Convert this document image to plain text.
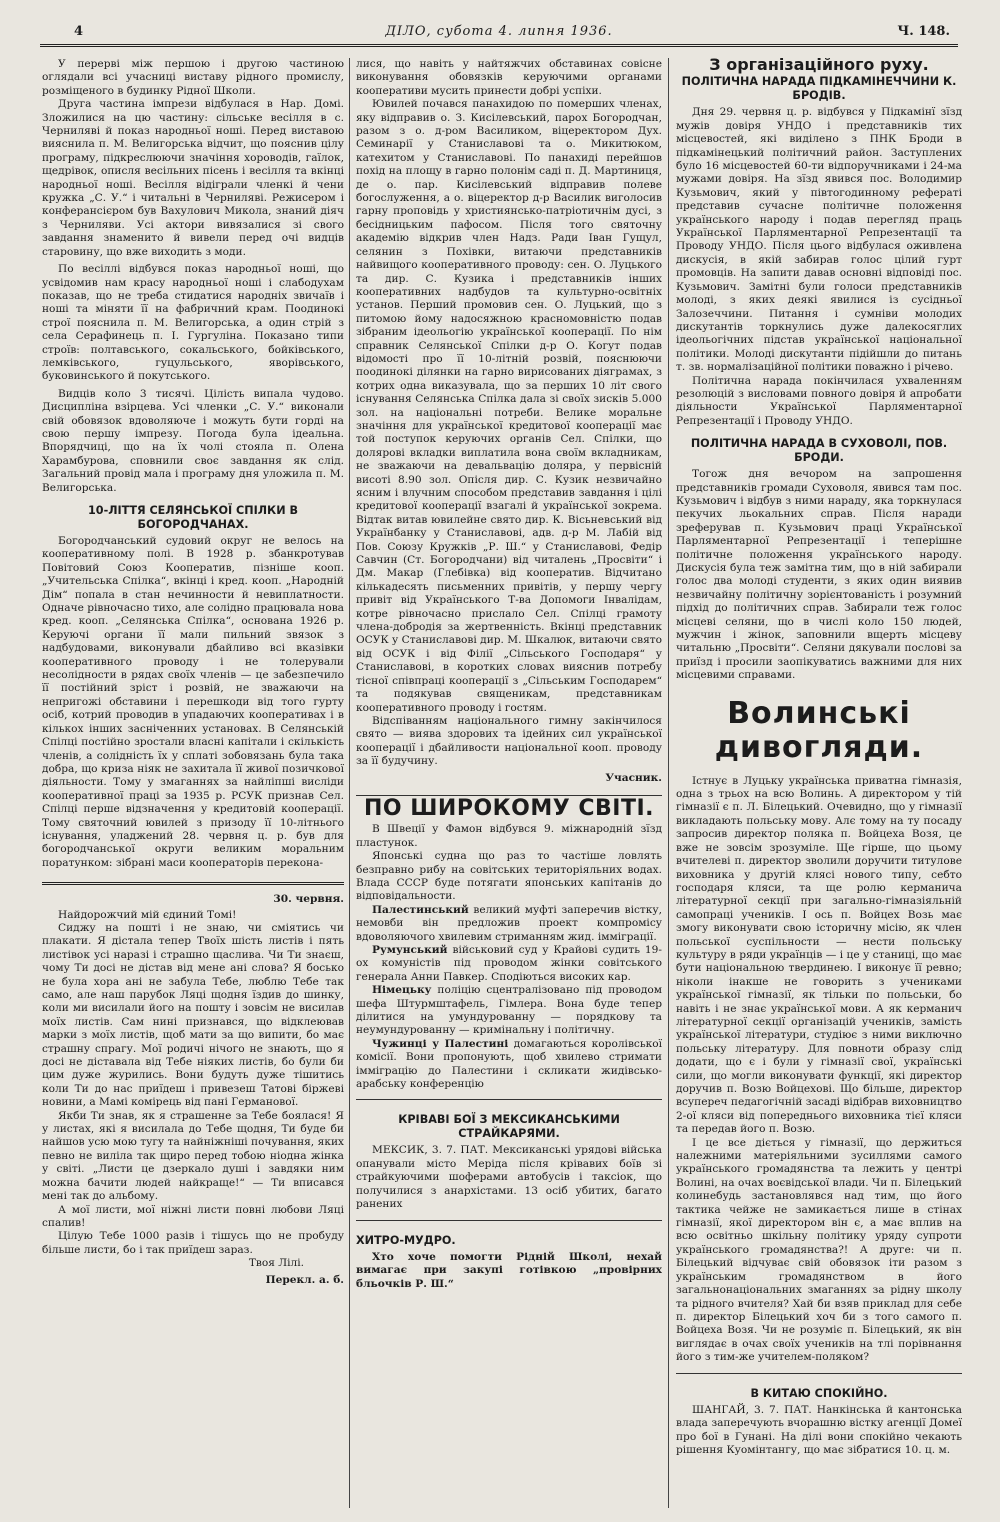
4	ДІЛО, субота 4. липня 1936.	Ч. 148.

У перерві між першою і другою частиною оглядали всі учасниці виставу рідного промислу, розміщеного в будинку Рідної Школи.

Друга частина імпрези відбулася в Нар. Домі. Зложилися на цю частину: сільське весілля в с. Черниляві й показ народньої ноші. Перед виставою вияснила п. М. Велигорська відчит, що пояснив цілу програму, підкреслюючи значіння хороводів, гаїлок, щедрівок, описля весільних пісень і весілля та вкінці народньої ноші. Весілля відіграли членкі й чени кружка „С. У.“ і читальні в Черниляві. Режисером і конферансієром був Вахулович Микола, знаний діяч з Черниляви. Усі актори вивязалися зі свого завдання знаменито й вивели перед очі видців старовину, що вже виходить з моди.

По весіллі відбувся показ народньої ноші, що усвідомив нам красу народньої ноші і слабодухам показав, що не треба стидатися народніх звичаїв і ноші та міняти її на фабричний крам. Поодинокі строї пояснила п. М. Велигорська, а один стрій з села Серафинець п. І. Гургуліна. Показано типи строїв: полтавського, сокальського, бойківського, лемківського, гуцульського, яворівського, буковинського й покутського.

Видців коло 3 тисячі. Цілість випала чудово. Дисципліна взірцева. Усі членки „С. У.“ виконали свій обовязок вдоволяюче і можуть бути горді на свою першу імпрезу. Погода була ідеальна. Впорядчиці, що на їх чолі стояла п. Олена Харамбурова, сповнили своє завдання як слід. Загальний провід мала і програму дня уложила п. М. Велигорська.

10-ЛІТТЯ СЕЛЯНСЬКОЇ СПІЛКИ В БОГОРОДЧАНАХ.

Богородчанський судовий округ не велось на кооперативному полі. В 1928 р. збанкротував Повітовий Союз Кооператив, пізніше кооп. „Учительська Спілка“, вкінці і кред. кооп. „Народній Дім“ попала в стан нечинности й невиплатности. Одначе рівночасно тихо, але солідно працювала нова кред. кооп. „Селянська Спілка“, основана 1926 р. Керуючі органи її мали пильний звязок з надбудовами, виконували дбайливо всі вказівки кооперативного проводу і не толерували несолідности в рядах своїх членів — це забезпечило її постійний зріст і розвій, не зважаючи на непригожі обставини і перешкоди від того гурту осіб, котрий проводив в упадаючих кооперативах і в кількох інших засніченних установах. В Селянській Спілці постійно зростали власні капітали і скількість членів, а солідність їх у сплаті зобовязань була така добра, що криза ніяк не захитала її живої позичкової діяльности. Тому у змаганнях за найліпші висліди кооперативної праці за 1935 р. РСУК признав Сел. Спілці перше відзначення у кредитовій кооперації. Тому святочний ювилей з призоду її 10-літнього існування, уладжений 28. червня ц. р. був для богородчанської округи великим моральним поратунком: зібрані маси кооператорів перекона-

30. червня.

Найдорожчий мій єдиний Томі!

Сиджу на пошті і не знаю, чи сміятись чи плакати. Я дістала тепер Твоїх шість листів і пять листівок усі наразі і страшно щаслива. Чи Ти знаєш, чому Ти досі не дістав від мене ані слова? Я босько не була хора ані не забула Тебе, люблю Тебе так само, але наш парубок Ляці щодня їздив до шинку, коли ми висилали його на пошту і зовсім не висилав моїх листів. Сам нині признався, що відклеював марки з моїх листів, щоб мати за що випити, бо має страшну спрагу. Мої родичі нічого не знають, що я досі не діставала від Тебе ніяких листів, бо були би цим дуже журились. Вони будуть дуже тішитись коли Ти до нас приїдеш і привезеш Татові біржеві новини, а Мамі комірець від пані Германової.

Якби Ти знав, як я страшенне за Тебе боялася! Я у листах, які я висилала до Тебе щодня, Ти буде би найшов усю мою тугу та найніжніші почування, яких певно не виліла так щиро перед тобою ніодна жінка у світі. „Листи це дзеркало душі і завдяки ним можна бачити людей найкраще!“ — Ти вписався мені так до альбому.

А мої листи, мої ніжні листи повні любови Ляці спалив!

Цілую Тебе 1000 разів і тішусь що не пробуду більше листи, бо і так приїдеш зараз.

Твоя Лілі.
Перекл. а. б.

лися, що навіть у найтяжчих обставинах совісне виконування обовязків керуючими органами кооперативи мусить принести добрі успіхи.

Ювилей почався панахидою по померших членах, яку відправив о. З. Кисілевський, парох Богородчан, разом з о. д-ром Василиком, віцеректором Дух. Семинарії у Станиславові та о. Микитюком, катехитом у Станиславові. По панахиді перейшов похід на площу в гарно полонім саді п. Д. Мартиниця, де о. пар. Кисілевський відправив полеве богослуження, а о. віцеректор д-р Василик виголосив гарну проповідь у християнсько-патріотичнім дусі, з бесідницьким пафосом. Після того святочну академію відкрив член Надз. Ради Іван Гущул, селянин з Похівки, витаючи представників найвищого кооперативного проводу: сен. О. Луцького та дир. С. Кузика і представників інших кооперативних надбудов та культурно-освітніх установ. Перший промовив сен. О. Луцький, що з питомою йому надосяжною красномовністю подав зібраним ідеольогію української кооперації. По нім справник Селянської Спілки д-р О. Когут подав відомості про її 10-літній розвій, пояснюючи поодинокі ділянки на гарно вирисованих діяграмах, з котрих одна виказувала, що за перших 10 літ свого існування Селянська Спілка дала зі своїх зисків 5.000 зол. на національні потреби. Велике моральне значіння для української кредитової кооперації має той поступок керуючих органів Сел. Спілки, що долярові вкладки виплатила вона своїм вкладникам, не зважаючи на девальвацію доляра, у первісній висоті 8.90 зол. Опісля дир. С. Кузик незвичайно ясним і влучним способом представив завдання і цілі кредитової кооперації взагалі й української зокрема. Відтак витав ювилейне свято дир. К. Вісьневський від Українбанку у Станиславові, адв. д-р М. Лабій від Пов. Союзу Кружків „Р. Ш.“ у Станиславові, Федір Савчин (Ст. Богородчани) від читалень „Просвіти“ і Дм. Макар (Глебівка) від кооператив. Відчитано кількадесять письменних привітів, у першу чергу привіт від Українського Т-ва Допомоги Інвалідам, котре рівночасно прислало Сел. Спілці грамоту члена-добродія за жертвенність. Вкінці представник ОСУК у Станиславові дир. М. Шкалюк, витаючи свято від ОСУК і від Філії „Сільського Господаря“ у Станиславові, в коротких словах вияснив потребу тісної співпраці кооперації з „Сільським Господарем“ та подякував священикам, представникам кооперативного проводу і гостям.

Відспіванням національного гимну закінчилося свято — виява здорових та ідейних сил української кооперації і дбайливости національної кооп. проводу за її будучину.

Учасник.
ПО ШИРОКОМУ СВІТІ.

В Швеції у Фамон відбувся 9. міжнародній зїзд пластунок.

Японські судна що раз то частіше ловлять безправно рибу на совітських територіяльних водах. Влада СССР буде потягати японських капітанів до відповідальности.

Палестинський великий муфті заперечив вістку, немовби він предложив проект компромісу вдоволяючого хвилевим стриманням жид. імміграції.

Румунський військовий суд у Крайові судить 19-ох комуністів під проводом жінки совітського генерала Анни Павкер. Сподіються високих кар.

Німецьку поліцію сцентралізовано під проводом шефа Штурмштафель, Гімлера. Вона буде тепер ділитися на умундурованну — порядкову та неумундурованну — кримінальну і політичну.

Чужинці у Палестині домагаються королівської комісії. Вони пропонують, щоб хвилево стримати імміграцію до Палестини і скликати жидівсько-арабську конференцію

КРІВАВІ БОЇ З МЕКСИКАНСЬКИМИ СТРАЙКАРЯМИ.

МЕКСИК, 3. 7. ПАТ. Мексиканські урядові війська опанували місто Меріда після крівавих боїв зі страйкуючими шоферами автобусів і таксіок, що получилися з анархістами. 13 осіб убитих, багато ранених

ХИТРО-МУДРО.

Хто хоче помогти Рідній Школі, нехай вимагає при закупі готівкою „провірних бльочків Р. Ш.“

З організаційного руху.
ПОЛІТИЧНА НАРАДА ПІДКАМІНЕЧЧИНИ К. БРОДІВ.

Дня 29. червня ц. р. відбувся у Підкамінї зїзд мужів довіря УНДО і представників тих місцевостей, які виділено з ПНК Броди в підкамінецький політичний район. Заступлених було 16 місцевостей 60-ти відпоручниками і 24-ма мужами довіря. На зїзд явився пос. Володимир Кузьмович, який у півтогодинному рефераті представив сучасне політичне положення українського народу і подав перегляд праць Української Парляментарної Репрезентації та Проводу УНДО. Після цього відбулася оживлена дискусія, в якій забирав голос цілий гурт промовців. На запити давав основні відповіді пос. Кузьмович. Замітні були голоси представників молоді, з яких деякі явилися із сусідньої Залозеччини. Питання і сумніви молодих дискутантів торкнулись дуже далекосяглих ідеольогічних підстав української національної політики. Молоді дискутанти підійшли до питань т. зв. нормалізаційної політики поважно і річево.

Політична нарада покінчилася ухваленням резолюцій з висловами повного довіря й апробати діяльности Української Парляментарної Репрезентації і Проводу УНДО.

ПОЛІТИЧНА НАРАДА В СУХОВОЛІ, ПОВ. БРОДИ.

Тогож дня вечором на запрошення представників громади Суховоля, явився там пос. Кузьмович і відбув з ними нараду, яка торкнулася пекучих льокальних справ. Після наради зреферував п. Кузьмович праці Української Парляментарної Репрезентації і теперішне політичне положення українського народу. Дискусія була теж замітна тим, що в ній забирали голос два молоді студенти, з яких один виявив незвичайну політичну зорієнтованість і розумний підхід до політичних справ. Забирали теж голос місцеві селяни, що в числі коло 150 людей, мужчин і жінок, заповнили вщерть місцеву читальню „Просвіти“. Селяни дякували послові за приїзд і просили заопікуватись важними для них місцевими справами.

Волинські дивогляди.

Істнує в Луцьку українська приватна гімназія, одна з трьох на всю Волинь. А директором у тій гімназії є п. Л. Білецький. Очевидно, що у гімназії викладають польську мову. Алє тому на ту посаду запросив директор поляка п. Войцеха Возя, це вже не зовсім зрозуміле. Ще гірше, що цьому вчителеві п. директор зволили доручити титулове виховника у другій клясі нового типу, себто господаря кляси, та ще ролю керманича літературної секції при загально-гімназіяльній самопраці учеників. І ось п. Войцех Возь має змогу виконувати свою історичну місію, як член польської суспільности — нести польську культуру в ряди українців — і це у станиці, що має бути національною твердинею. І виконує її ревно; ніколи інакше не говорить з учениками української гімназії, як тільки по польськи, бо навіть і не знає української мови. А як керманич літературної секції організацій учеників, замість української літератури, студіює з ними виключно польську літературу. Для повноти образу слід додати, що є і були у гімназії свої, українські сили, що могли виконувати функції, які директор доручив п. Возю Войцехові. Що більше, директор всупереч педагогічній засаді відібрав виховництво 2-ої кляси від попереднього виховника тієї кляси та передав його п. Возю.

І це все діється у гімназії, що держиться належними матеріяльними зусиллями самого українського громадянства та лежить у центрі Волині, на очах воєвідської влади. Чи п. Білецький колинебудь застановлявся над тим, що його тактика чейже не замикається лише в стінах гімназії, якої директором він є, а має вплив на всю освітньо шкільну політику уряду супроти українського громадянства?! А друге: чи п. Білецький відчуває свій обовязок іти разом з українським громадянством в його загальнонаціональних змаганнях за рідну школу та рідного вчителя? Хай би взяв приклад для себе п. директор Білецький хоч би з того самого п. Войцеха Возя. Чи не розуміє п. Білецький, як він виглядає в очах своїх учеників на тлі порівнання його з тим-же учителем-поляком?

В КИТАЮ СПОКІЙНО.

ШАНГАЙ, 3. 7. ПАТ. Нанкінська й кантонська влада заперечують вчорашню вістку агенції Домеї про бої в Гунані. На ділі вони спокійно чекають рішення Куомінтангу, що має зібратися 10. ц. м.
